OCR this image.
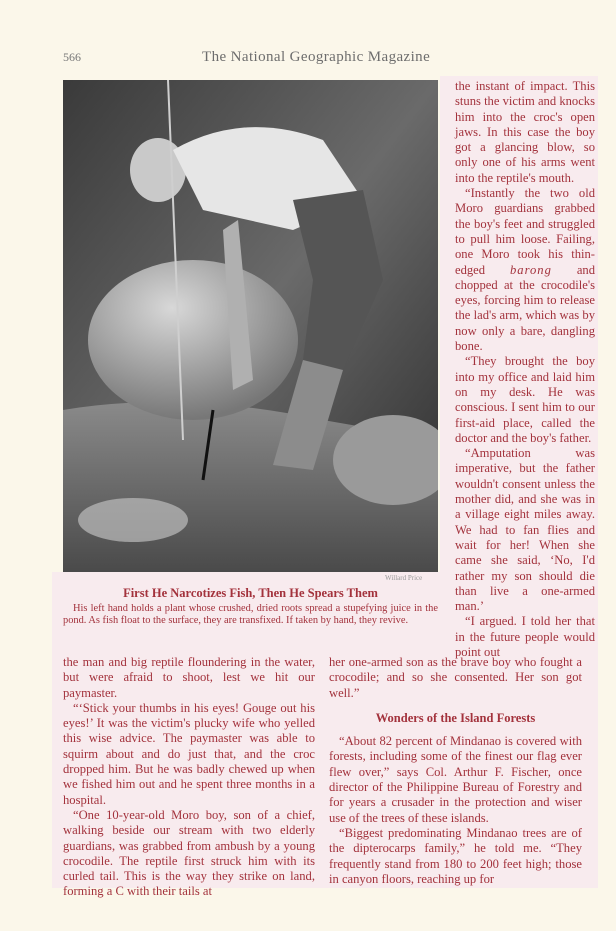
566	The National Geographic Magazine
Willard Price
First He Narcotizes Fish, Then He Spears Them
His left hand holds a plant whose crushed, dried roots spread a stupefying juice in the pond. As fish float to the surface, they are transfixed. If taken by hand, they revive.

the instant of impact. This stuns the victim and knocks him into the croc's open jaws. In this case the boy got a glancing blow, so only one of his arms went into the reptile's mouth.

“Instantly the two old Moro guardians grabbed the boy's feet and struggled to pull him loose. Failing, one Moro took his thin-edged barong and chopped at the crocodile's eyes, forcing him to release the lad's arm, which was by now only a bare, dangling bone.

“They brought the boy into my office and laid him on my desk. He was conscious. I sent him to our first-aid place, called the doctor and the boy's father.

“Amputation was imperative, but the father wouldn't consent unless the mother did, and she was in a village eight miles away. We had to fan flies and wait for her! When she came she said, ‘No, I'd rather my son should die than live a one-armed man.’

“I argued. I told her that in the future people would point out

the man and big reptile floundering in the water, but were afraid to shoot, lest we hit our paymaster.

“‘Stick your thumbs in his eyes! Gouge out his eyes!’ It was the victim's plucky wife who yelled this wise advice. The paymaster was able to squirm about and do just that, and the croc dropped him. But he was badly chewed up when we fished him out and he spent three months in a hospital.

“One 10-year-old Moro boy, son of a chief, walking beside our stream with two elderly guardians, was grabbed from ambush by a young crocodile. The reptile first struck him with its curled tail. This is the way they strike on land, forming a C with their tails at

her one-armed son as the brave boy who fought a crocodile; and so she consented. Her son got well.”

Wonders of the Island Forests

“About 82 percent of Mindanao is covered with forests, including some of the finest our flag ever flew over,” says Col. Arthur F. Fischer, once director of the Philippine Bureau of Forestry and for years a crusader in the protection and wiser use of the trees of these islands.

“Biggest predominating Mindanao trees are of the dipterocarps family,” he told me. “They frequently stand from 180 to 200 feet high; those in canyon floors, reaching up for
